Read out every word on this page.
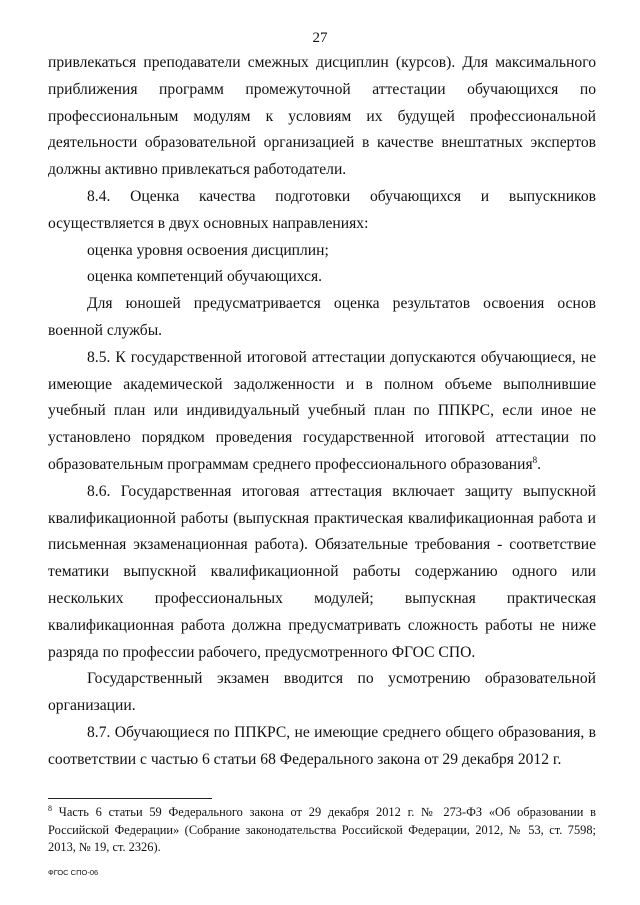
27

привлекаться преподаватели смежных дисциплин (курсов). Для максимального приближения программ промежуточной аттестации обучающихся по профессиональным модулям к условиям их будущей профессиональной деятельности образовательной организацией в качестве внештатных экспертов должны активно привлекаться работодатели.

8.4. Оценка качества подготовки обучающихся и выпускников осуществляется в двух основных направлениях:

оценка уровня освоения дисциплин;

оценка компетенций обучающихся.

Для юношей предусматривается оценка результатов освоения основ военной службы.

8.5. К государственной итоговой аттестации допускаются обучающиеся, не имеющие академической задолженности и в полном объеме выполнившие учебный план или индивидуальный учебный план по ППКРС, если иное не установлено порядком проведения государственной итоговой аттестации по образовательным программам среднего профессионального образования$^8$.

8.6. Государственная итоговая аттестация включает защиту выпускной квалификационной работы (выпускная практическая квалификационная работа и письменная экзаменационная работа). Обязательные требования - соответствие тематики выпускной квалификационной работы содержанию одного или нескольких профессиональных модулей; выпускная практическая квалификационная работа должна предусматривать сложность работы не ниже разряда по профессии рабочего, предусмотренного ФГОС СПО.

Государственный экзамен вводится по усмотрению образовательной организации.

8.7. Обучающиеся по ППКРС, не имеющие среднего общего образования, в соответствии с частью 6 статьи 68 Федерального закона от 29 декабря 2012 г.

$^8$ Часть 6 статьи 59 Федерального закона от 29 декабря 2012 г. № 273-ФЗ «Об образовании в Российской Федерации» (Собрание законодательства Российской Федерации, 2012, № 53, ст. 7598; 2013, № 19, ст. 2326).
ФГОС СПО-06
